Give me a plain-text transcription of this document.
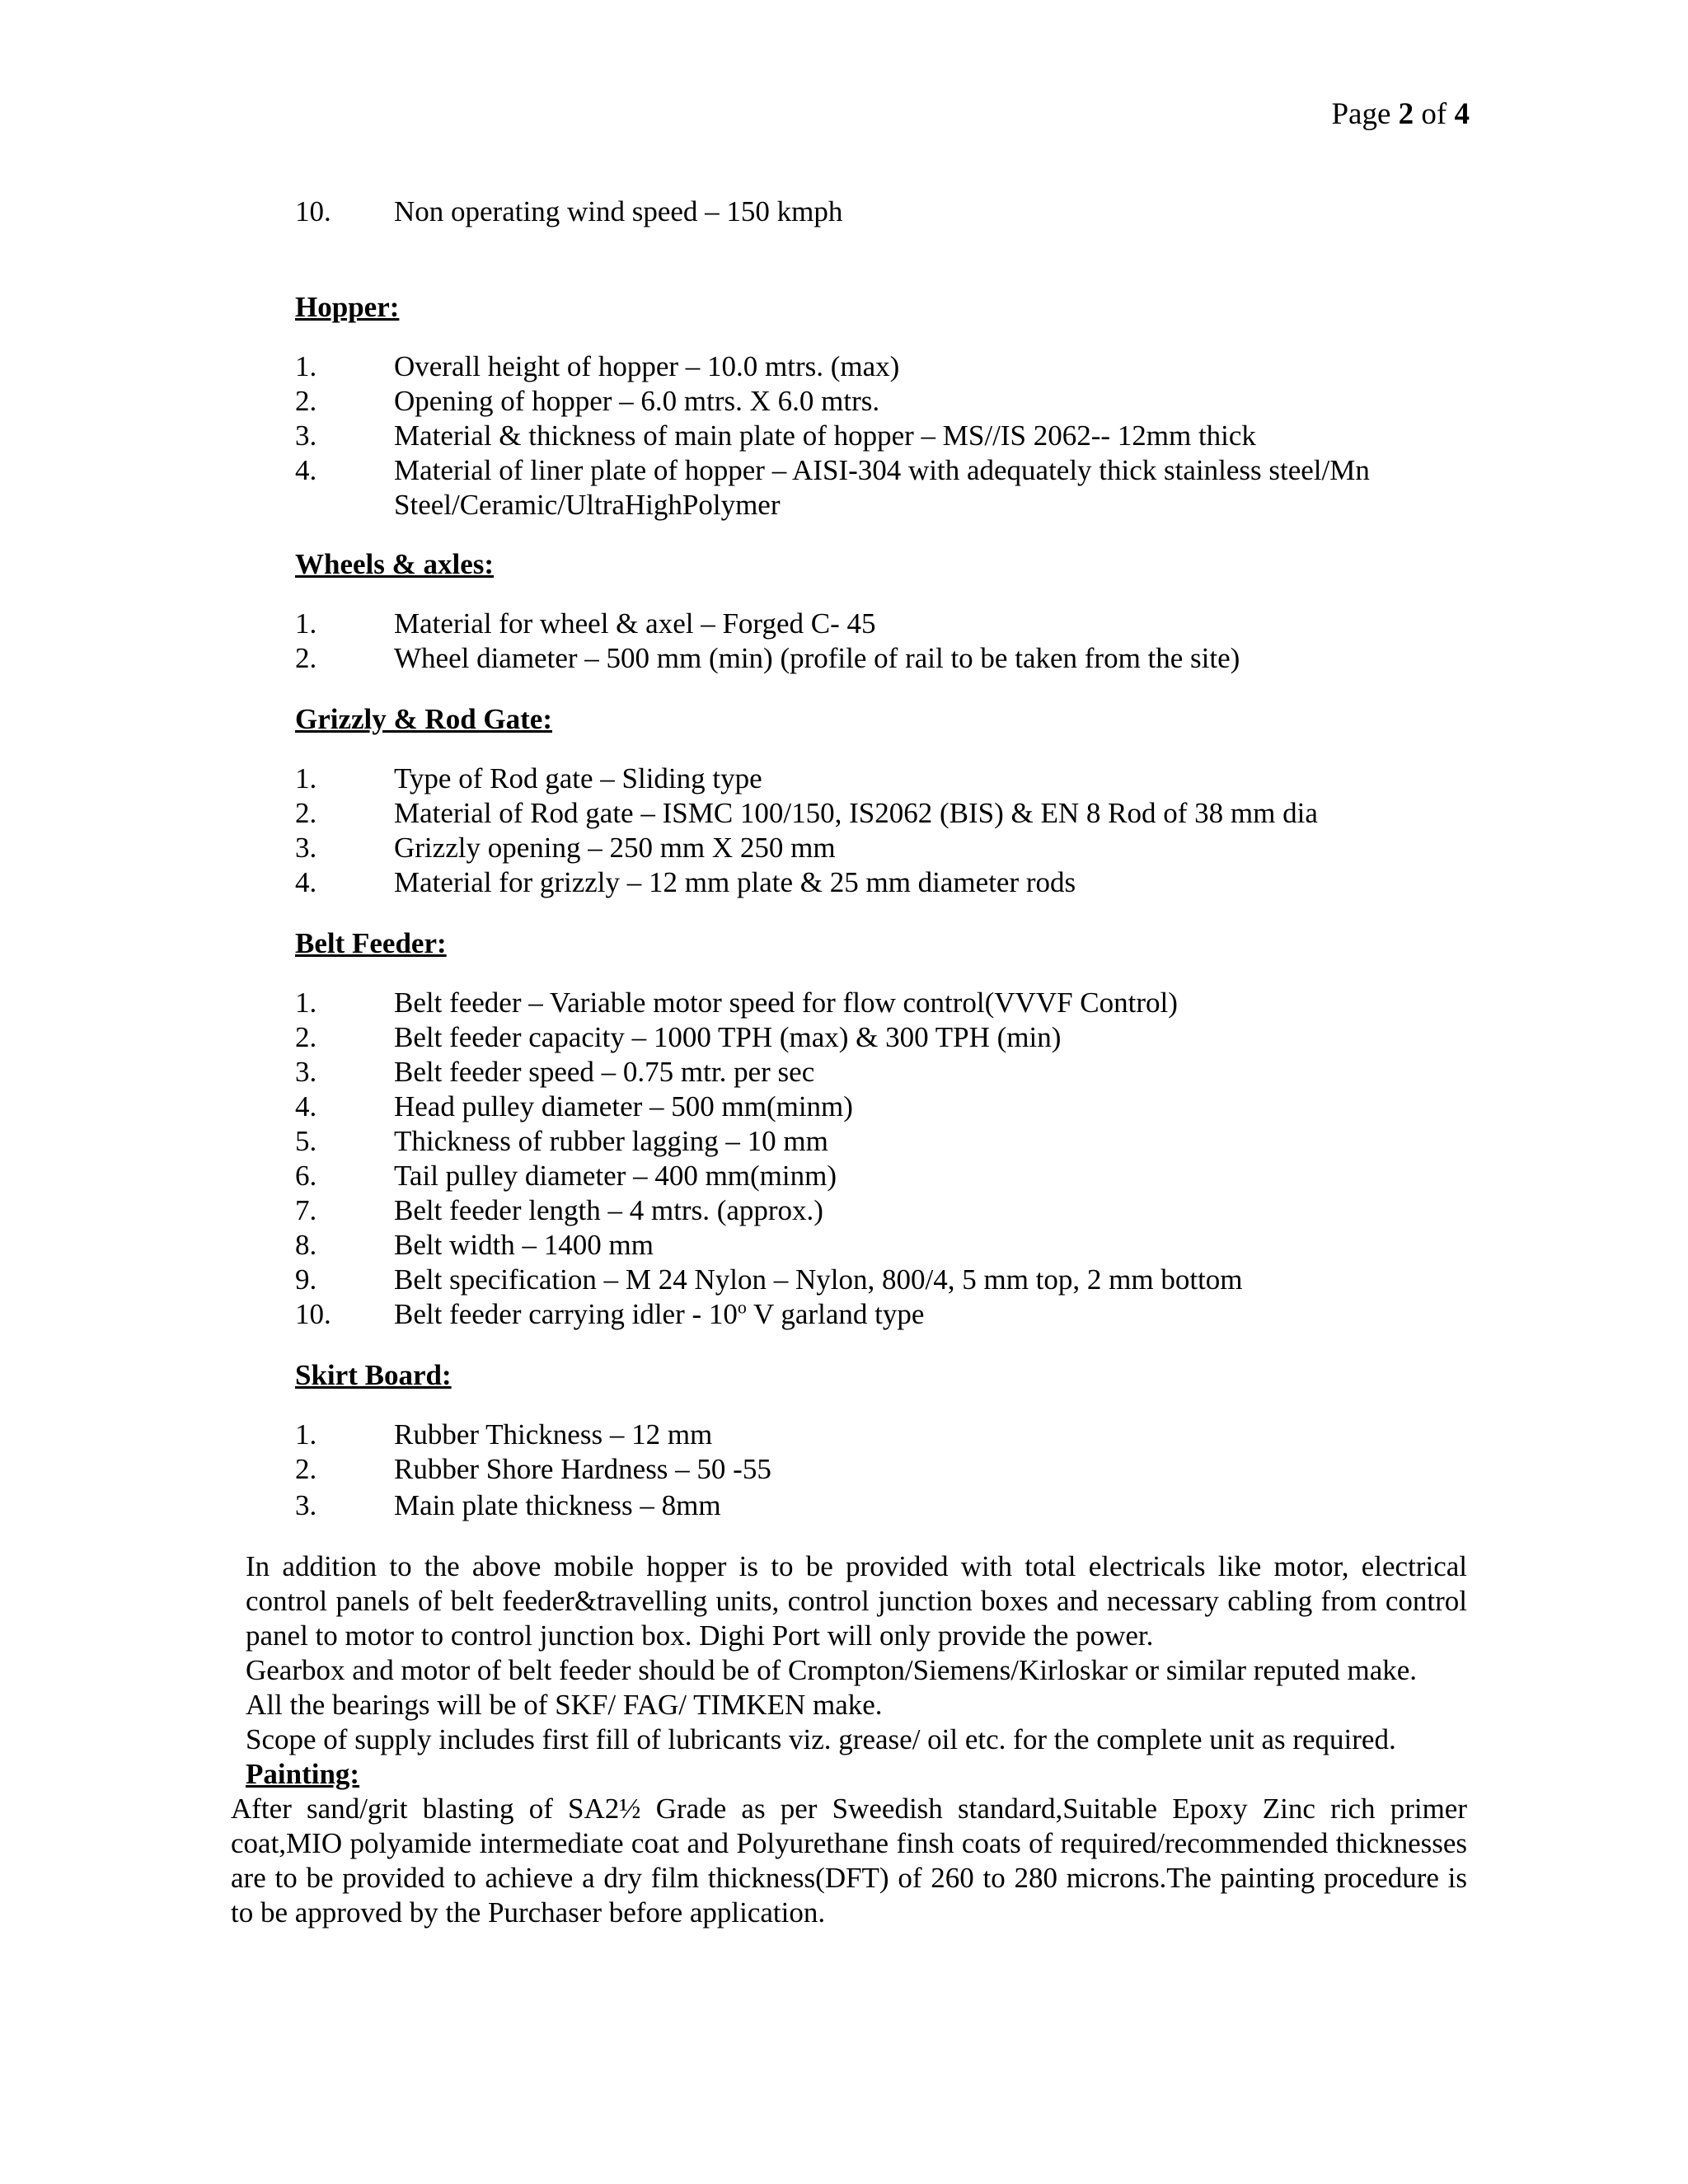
Page 2 of 4
10.	Non operating wind speed – 150 kmph
Hopper:
1.	Overall height of hopper – 10.0 mtrs. (max)
2.	Opening of hopper – 6.0 mtrs. X 6.0 mtrs.
3.	Material & thickness of main plate of hopper – MS//IS 2062-- 12mm thick
4.	Material of liner plate of hopper – AISI-304 with adequately thick stainless steel/Mn Steel/Ceramic/UltraHighPolymer
Wheels & axles:
1.	Material for wheel & axel – Forged C- 45
2.	Wheel diameter – 500 mm (min) (profile of rail to be taken from the site)
Grizzly & Rod Gate:
1.	Type of Rod gate – Sliding type
2.	Material of Rod gate – ISMC 100/150, IS2062 (BIS) & EN 8 Rod of 38 mm dia
3.	Grizzly opening – 250 mm X 250 mm
4.	Material for grizzly – 12 mm plate & 25 mm diameter rods
Belt Feeder:
1.	Belt feeder – Variable motor speed for flow control(VVVF Control)
2.	Belt feeder capacity – 1000 TPH (max) & 300 TPH (min)
3.	Belt feeder speed – 0.75 mtr. per sec
4.	Head pulley diameter – 500 mm(minm)
5.	Thickness of rubber lagging – 10 mm
6.	Tail pulley diameter – 400 mm(minm)
7.	Belt feeder length – 4 mtrs. (approx.)
8.	Belt width – 1400 mm
9.	Belt specification – M 24 Nylon – Nylon, 800/4, 5 mm top, 2 mm bottom
10.	Belt feeder carrying idler - 10$^o$ V garland type
Skirt Board:
1.	Rubber Thickness – 12 mm
2.	Rubber Shore Hardness – 50 -55
3.	Main plate thickness – 8mm
In addition to the above mobile hopper is to be provided with total electricals like motor, electrical control panels of belt feeder&travelling units, control junction boxes and necessary cabling from control panel to motor to control junction box. Dighi Port will only provide the power.
Gearbox and motor of belt feeder should be of Crompton/Siemens/Kirloskar or similar reputed make.
All the bearings will be of SKF/ FAG/ TIMKEN make.
Scope of supply includes first fill of lubricants viz. grease/ oil etc. for the complete unit as required.
Painting:
After sand/grit blasting of SA2½ Grade as per Sweedish standard,Suitable Epoxy Zinc rich primer coat,MIO polyamide intermediate coat and Polyurethane finsh coats of required/recommended thicknesses are to be provided to achieve a dry film thickness(DFT) of 260 to 280 microns.The painting procedure is to be approved by the Purchaser before application.
